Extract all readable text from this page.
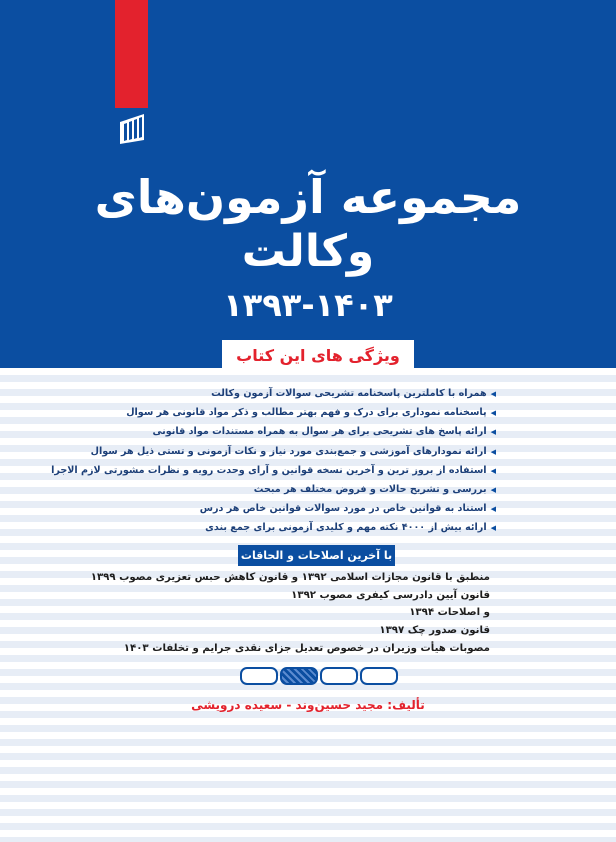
مجموعه آزمون‌های
وکالت
۱۳۹۳-۱۴۰۳
ویژگی های این کتاب
◀ همراه با کاملترین پاسخنامه تشریحی سوالات آزمون وکالت
◀ پاسخنامه نموداری برای درک و فهم بهتر مطالب و ذکر مواد قانونی هر سوال
◀ ارائه پاسخ های تشریحی برای هر سوال به همراه مستندات مواد قانونی
◀ ارائه نمودارهای آموزشی و جمع‌بندی مورد نیاز و نکات آزمونی و تستی ذیل هر سوال
◀ استفاده از بروز ترین و آخرین نسخه قوانین و آرای وحدت رویه و نظرات مشورتی لازم الاجرا
◀ بررسی و تشریح حالات و فروض مختلف هر مبحث
◀ استناد به قوانین خاص در مورد سوالات قوانین خاص هر درس
◀ ارائه بیش از ۴۰۰۰ نکته مهم و کلیدی آزمونی برای جمع بندی
با آخرین اصلاحات و الحاقات
منطبق با قانون مجازات اسلامی ۱۳۹۲ و قانون کاهش حبس تعزیری مصوب ۱۳۹۹
قانون آیین دادرسی کیفری مصوب ۱۳۹۲
و اصلاحات ۱۳۹۴
قانون صدور چک ۱۳۹۷
مصوبات هیأت وزیران در خصوص تعدیل جزای نقدی جرایم و تخلفات ۱۴۰۳
تألیف: مجید حسین‌وند - سعیده درویشی
